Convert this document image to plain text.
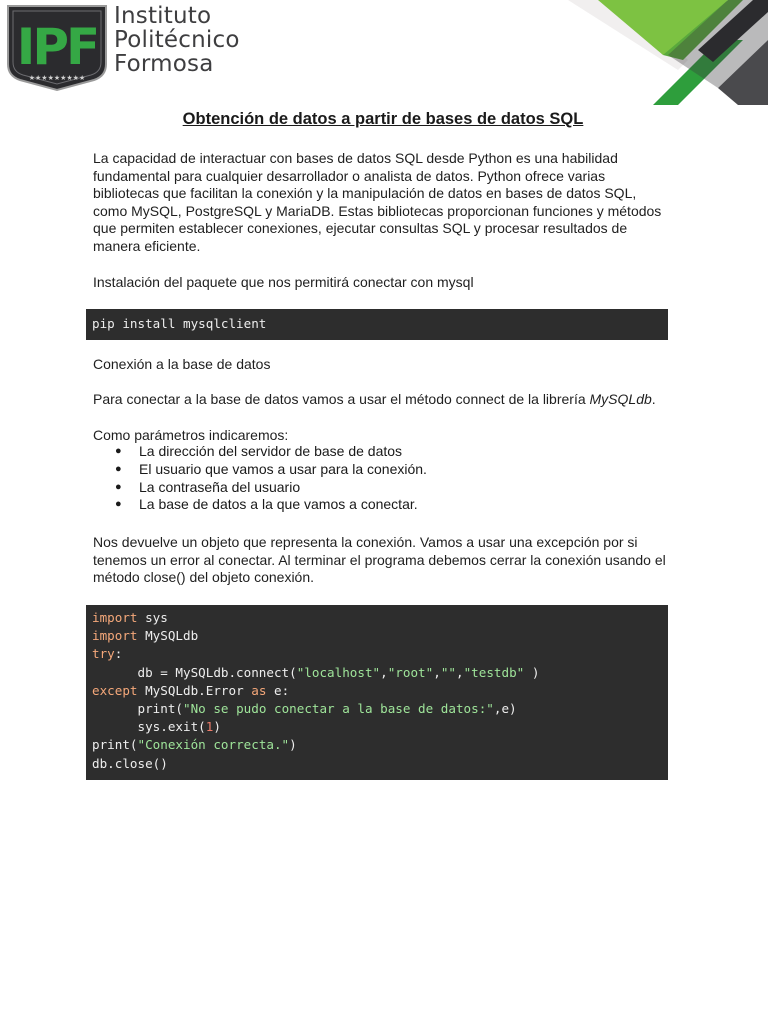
IPF
★★★★★★★★★
Instituto
Politécnico
Formosa
Obtención de datos a partir de bases de datos SQL

La capacidad de interactuar con bases de datos SQL desde Python es una habilidad fundamental para cualquier desarrollador o analista de datos. Python ofrece varias bibliotecas que facilitan la conexión y la manipulación de datos en bases de datos SQL, como MySQL, PostgreSQL y MariaDB. Estas bibliotecas proporcionan funciones y métodos que permiten establecer conexiones, ejecutar consultas SQL y procesar resultados de manera eficiente.

Instalación del paquete que nos permitirá conectar con mysql

pip install mysqlclient

Conexión a la base de datos

Para conectar a la base de datos vamos a usar el método connect de la librería MySQLdb.

Como parámetros indicaremos:

● La dirección del servidor de base de datos
● El usuario que vamos a usar para la conexión.
● La contraseña del usuario
● La base de datos a la que vamos a conectar.

Nos devuelve un objeto que representa la conexión. Vamos a usar una excepción por si tenemos un error al conectar. Al terminar el programa debemos cerrar la conexión usando el método close() del objeto conexión.

import sys
import MySQLdb
try:
db = MySQLdb.connect("localhost","root","","testdb" )
except MySQLdb.Error as e:
print("No se pudo conectar a la base de datos:",e)
sys.exit(1)
print("Conexión correcta.")
db.close()
